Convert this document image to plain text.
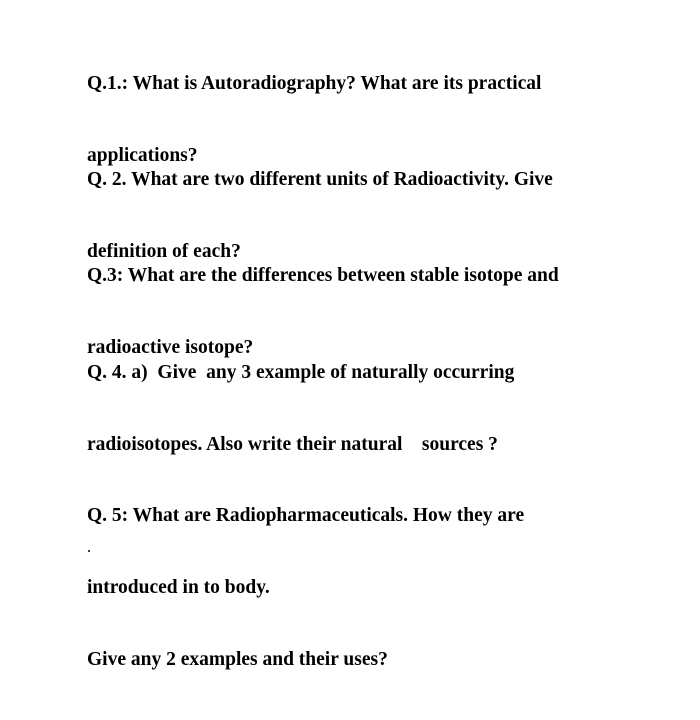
Q.1.: What is Autoradiography? What are its practical

applications?

Q. 2. What are two different units of Radioactivity. Give

definition of each?

Q.3: What are the differences between stable isotope and

radioactive isotope?

Q. 4. a)  Give  any 3 example of naturally occurring

radioisotopes. Also write their natural    sources ?

Q. 5: What are Radiopharmaceuticals. How they are

introduced in to body.

Give any 2 examples and their uses?
